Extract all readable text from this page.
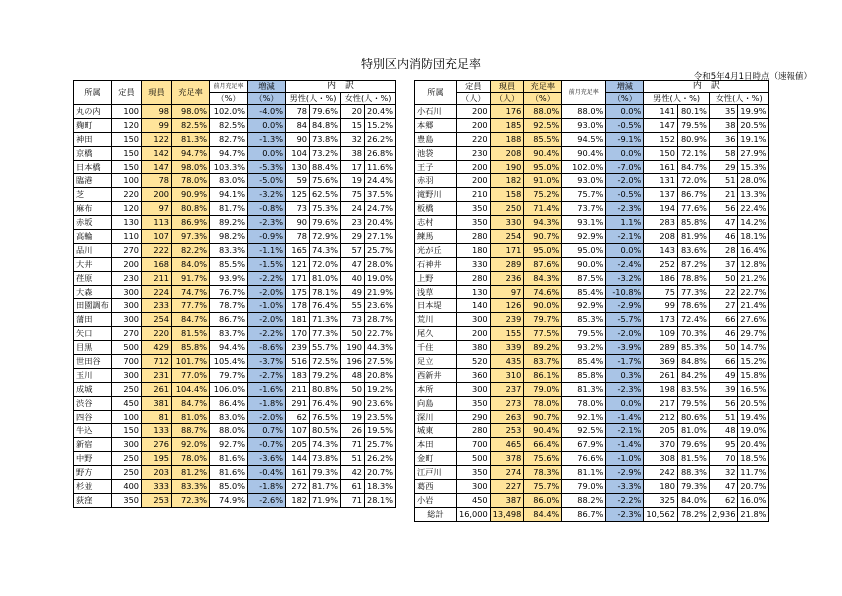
特別区内消防団充足率
令和5年4月1日時点（速報値）
所属	定員	現員	充足率	前月充足率	増減	内　訳			
				（%）	（%）	男性(人・%)		女性(人・%)	
丸の内	100	98	98.0%	102.0%	-4.0%	78	79.6%	20	20.4%
麹町	120	99	82.5%	82.5%	0.0%	84	84.8%	15	15.2%
神田	150	122	81.3%	82.7%	-1.3%	90	73.8%	32	26.2%
京橋	150	142	94.7%	94.7%	0.0%	104	73.2%	38	26.8%
日本橋	150	147	98.0%	103.3%	-5.3%	130	88.4%	17	11.6%
臨港	100	78	78.0%	83.0%	-5.0%	59	75.6%	19	24.4%
芝	220	200	90.9%	94.1%	-3.2%	125	62.5%	75	37.5%
麻布	120	97	80.8%	81.7%	-0.8%	73	75.3%	24	24.7%
赤坂	130	113	86.9%	89.2%	-2.3%	90	79.6%	23	20.4%
高輪	110	107	97.3%	98.2%	-0.9%	78	72.9%	29	27.1%
品川	270	222	82.2%	83.3%	-1.1%	165	74.3%	57	25.7%
大井	200	168	84.0%	85.5%	-1.5%	121	72.0%	47	28.0%
荏原	230	211	91.7%	93.9%	-2.2%	171	81.0%	40	19.0%
大森	300	224	74.7%	76.7%	-2.0%	175	78.1%	49	21.9%
田園調布	300	233	77.7%	78.7%	-1.0%	178	76.4%	55	23.6%
蒲田	300	254	84.7%	86.7%	-2.0%	181	71.3%	73	28.7%
矢口	270	220	81.5%	83.7%	-2.2%	170	77.3%	50	22.7%
目黒	500	429	85.8%	94.4%	-8.6%	239	55.7%	190	44.3%
世田谷	700	712	101.7%	105.4%	-3.7%	516	72.5%	196	27.5%
玉川	300	231	77.0%	79.7%	-2.7%	183	79.2%	48	20.8%
成城	250	261	104.4%	106.0%	-1.6%	211	80.8%	50	19.2%
渋谷	450	381	84.7%	86.4%	-1.8%	291	76.4%	90	23.6%
四谷	100	81	81.0%	83.0%	-2.0%	62	76.5%	19	23.5%
牛込	150	133	88.7%	88.0%	0.7%	107	80.5%	26	19.5%
新宿	300	276	92.0%	92.7%	-0.7%	205	74.3%	71	25.7%
中野	250	195	78.0%	81.6%	-3.6%	144	73.8%	51	26.2%
野方	250	203	81.2%	81.6%	-0.4%	161	79.3%	42	20.7%
杉並	400	333	83.3%	85.0%	-1.8%	272	81.7%	61	18.3%
荻窪	350	253	72.3%	74.9%	-2.6%	182	71.9%	71	28.1%
所属	定員	現員	充足率	前月充足率	増減	内　訳			
	（人）	（人）	（%）		（%）	男性(人・%)		女性(人・%)	
小石川	200	176	88.0%	88.0%	0.0%	141	80.1%	35	19.9%
本郷	200	185	92.5%	93.0%	-0.5%	147	79.5%	38	20.5%
豊島	220	188	85.5%	94.5%	-9.1%	152	80.9%	36	19.1%
池袋	230	208	90.4%	90.4%	0.0%	150	72.1%	58	27.9%
王子	200	190	95.0%	102.0%	-7.0%	161	84.7%	29	15.3%
赤羽	200	182	91.0%	93.0%	-2.0%	131	72.0%	51	28.0%
滝野川	210	158	75.2%	75.7%	-0.5%	137	86.7%	21	13.3%
板橋	350	250	71.4%	73.7%	-2.3%	194	77.6%	56	22.4%
志村	350	330	94.3%	93.1%	1.1%	283	85.8%	47	14.2%
練馬	280	254	90.7%	92.9%	-2.1%	208	81.9%	46	18.1%
光が丘	180	171	95.0%	95.0%	0.0%	143	83.6%	28	16.4%
石神井	330	289	87.6%	90.0%	-2.4%	252	87.2%	37	12.8%
上野	280	236	84.3%	87.5%	-3.2%	186	78.8%	50	21.2%
浅草	130	97	74.6%	85.4%	-10.8%	75	77.3%	22	22.7%
日本堤	140	126	90.0%	92.9%	-2.9%	99	78.6%	27	21.4%
荒川	300	239	79.7%	85.3%	-5.7%	173	72.4%	66	27.6%
尾久	200	155	77.5%	79.5%	-2.0%	109	70.3%	46	29.7%
千住	380	339	89.2%	93.2%	-3.9%	289	85.3%	50	14.7%
足立	520	435	83.7%	85.4%	-1.7%	369	84.8%	66	15.2%
西新井	360	310	86.1%	85.8%	0.3%	261	84.2%	49	15.8%
本所	300	237	79.0%	81.3%	-2.3%	198	83.5%	39	16.5%
向島	350	273	78.0%	78.0%	0.0%	217	79.5%	56	20.5%
深川	290	263	90.7%	92.1%	-1.4%	212	80.6%	51	19.4%
城東	280	253	90.4%	92.5%	-2.1%	205	81.0%	48	19.0%
本田	700	465	66.4%	67.9%	-1.4%	370	79.6%	95	20.4%
金町	500	378	75.6%	76.6%	-1.0%	308	81.5%	70	18.5%
江戸川	350	274	78.3%	81.1%	-2.9%	242	88.3%	32	11.7%
葛西	300	227	75.7%	79.0%	-3.3%	180	79.3%	47	20.7%
小岩	450	387	86.0%	88.2%	-2.2%	325	84.0%	62	16.0%
総計	16,000	13,498	84.4%	86.7%	-2.3%	10,562	78.2%	2,936	21.8%
